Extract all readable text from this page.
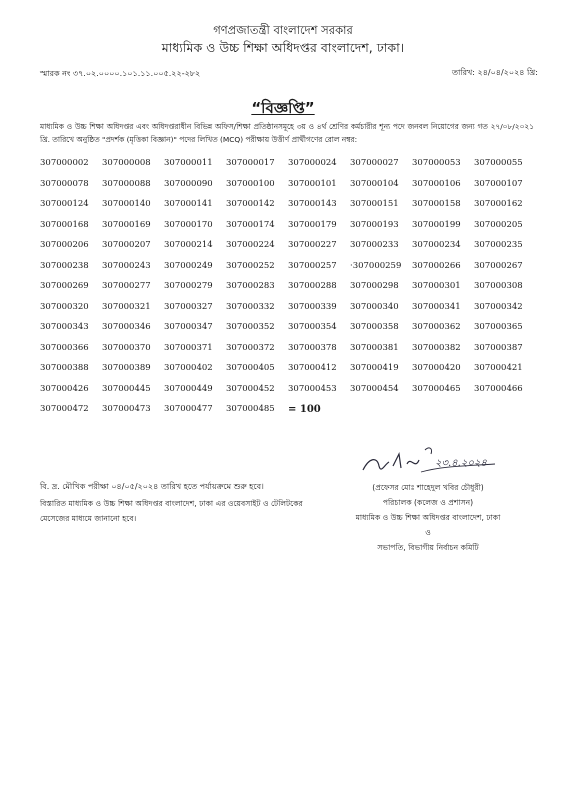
গণপ্রজাতন্ত্রী বাংলাদেশ সরকার
মাধ্যমিক ও উচ্চ শিক্ষা অধিদপ্তর বাংলাদেশ, ঢাকা।
স্মারক নং ৩৭.০২.০০০০.১০১.১১.০০৫.২২-২৮২	তারিখ: ২৪/০৪/২০২৪ খ্রি:
“বিজ্ঞপ্তি”
মাধ্যমিক ও উচ্চ শিক্ষা অধিদপ্তর এবং অধিদপ্তরাধীন বিভিন্ন অফিস/শিক্ষা প্রতিষ্ঠানসমূহে ৩য় ও ৪র্থ শ্রেণির কর্মচারীর শূন্য পদে জনবল নিয়োগের জন্য গত ২৭/০৮/২০২১ খ্রি. তারিখে অনুষ্ঠিত "প্রদর্শক (মৃত্তিকা বিজ্ঞান)" পদের লিখিত (MCQ) পরীক্ষায় উত্তীর্ণ প্রার্থীগণের রোল নম্বর:
307000002	307000008	307000011	307000017	307000024	307000027	307000053	307000055
307000078	307000088	307000090	307000100	307000101	307000104	307000106	307000107
307000124	307000140	307000141	307000142	307000143	307000151	307000158	307000162
307000168	307000169	307000170	307000174	307000179	307000193	307000199	307000205
307000206	307000207	307000214	307000224	307000227	307000233	307000234	307000235
307000238	307000243	307000249	307000252	307000257	·307000259	307000266	307000267
307000269	307000277	307000279	307000283	307000288	307000298	307000301	307000308
307000320	307000321	307000327	307000332	307000339	307000340	307000341	307000342
307000343	307000346	307000347	307000352	307000354	307000358	307000362	307000365
307000366	307000370	307000371	307000372	307000378	307000381	307000382	307000387
307000388	307000389	307000402	307000405	307000412	307000419	307000420	307000421
307000426	307000445	307000449	307000452	307000453	307000454	307000465	307000466
307000472	307000473	307000477	307000485	= 100
বি. দ্র. মৌখিক পরীক্ষা ০৪/০৫/২০২৪ তারিখ হতে পর্যায়ক্রমে শুরু হবে।
বিস্তারিত মাধ্যমিক ও উচ্চ শিক্ষা অধিদপ্তর বাংলাদেশ, ঢাকা এর ওয়েবসাইট ও টেলিটকের মেসেজের মাধ্যমে জানানো হবে।
২৩.৪.২০২৪
(প্রফেসর মোঃ শাহেদুল খবির চৌধুরী)
পরিচালক (কলেজ ও প্রশাসন)
মাধ্যমিক ও উচ্চ শিক্ষা অধিদপ্তর বাংলাদেশ, ঢাকা
ও
সভাপতি, বিভাগীয় নির্বাচন কমিটি
